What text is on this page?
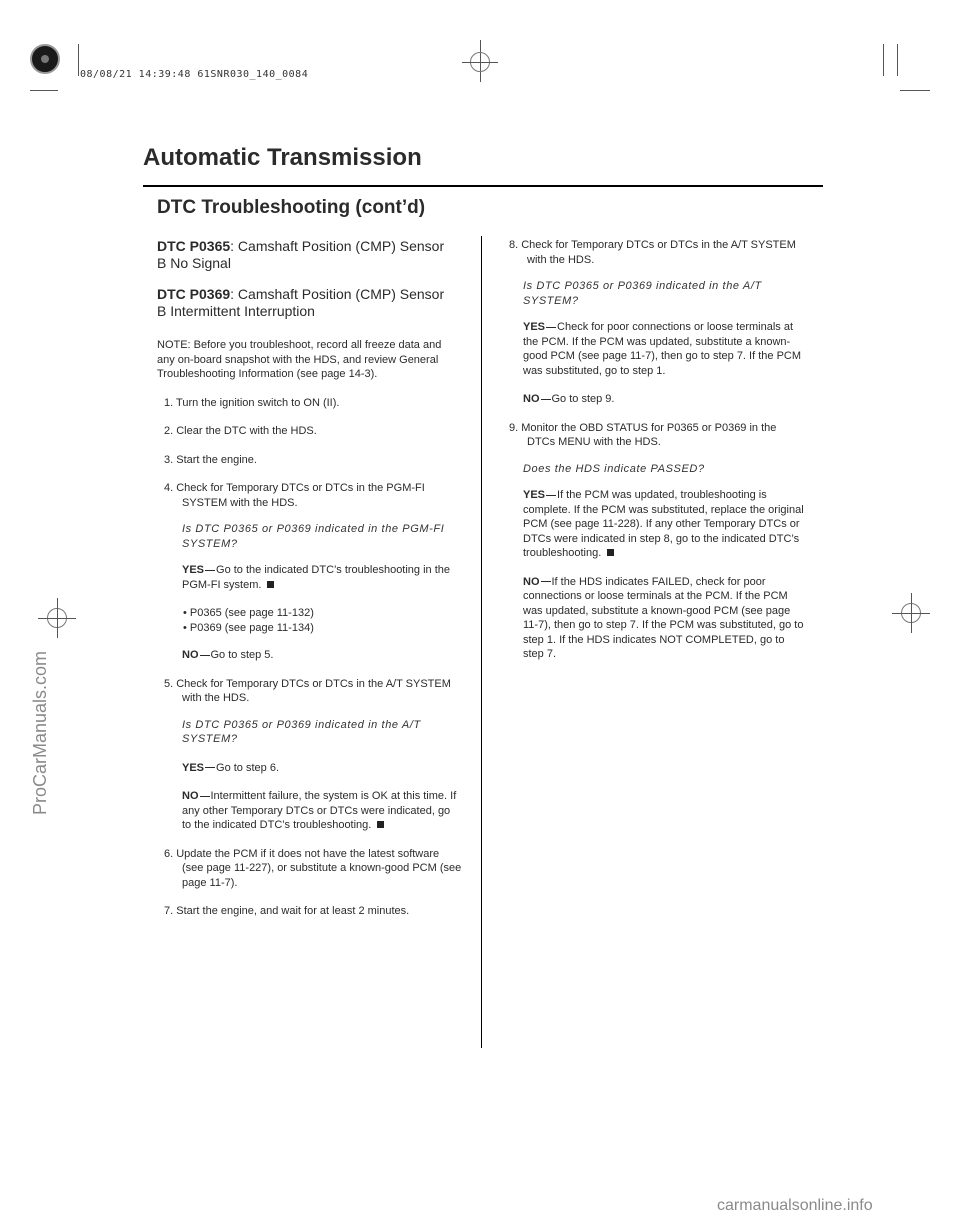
08/08/21 14:39:48 61SNR030_140_0084
Automatic Transmission
DTC Troubleshooting (cont’d)
ProCarManuals.com
carmanualsonline.info
DTC P0365: Camshaft Position (CMP) Sensor
B No Signal
DTC P0369: Camshaft Position (CMP) Sensor
B Intermittent Interruption
NOTE: Before you troubleshoot, record all freeze data and any on-board snapshot with the HDS, and review General Troubleshooting Information (see page 14-3).
1. Turn the ignition switch to ON (II).
2. Clear the DTC with the HDS.
3. Start the engine.
4. Check for Temporary DTCs or DTCs in the PGM-FI SYSTEM with the HDS.
Is DTC P0365 or P0369 indicated in the PGM-FI
SYSTEM?
YES Go to the indicated DTC’s troubleshooting in the PGM-FI system.
• P0365 (see page 11-132)
• P0369 (see page 11-134)
NO Go to step 5.
5. Check for Temporary DTCs or DTCs in the A/T SYSTEM with the HDS.
Is DTC P0365 or P0369 indicated in the A/T
SYSTEM?
YES Go to step 6.
NO Intermittent failure, the system is OK at this time. If any other Temporary DTCs or DTCs were indicated, go to the indicated DTC’s troubleshooting.
6. Update the PCM if it does not have the latest software (see page 11-227), or substitute a known-good PCM (see page 11-7).
7. Start the engine, and wait for at least 2 minutes.
8. Check for Temporary DTCs or DTCs in the A/T SYSTEM with the HDS.
Is DTC P0365 or P0369 indicated in the A/T
SYSTEM?
YES Check for poor connections or loose terminals at the PCM. If the PCM was updated, substitute a known-good PCM (see page 11-7), then go to step 7. If the PCM was substituted, go to step 1.
NO Go to step 9.
9. Monitor the OBD STATUS for P0365 or P0369 in the DTCs MENU with the HDS.
Does the HDS indicate PASSED?
YES If the PCM was updated, troubleshooting is complete. If the PCM was substituted, replace the original PCM (see page 11-228). If any other Temporary DTCs or DTCs were indicated in step 8, go to the indicated DTC’s troubleshooting.
NO If the HDS indicates FAILED, check for poor connections or loose terminals at the PCM. If the PCM was updated, substitute a known-good PCM (see page 11-7), then go to step 7. If the PCM was substituted, go to step 1. If the HDS indicates NOT COMPLETED, go to step 7.
